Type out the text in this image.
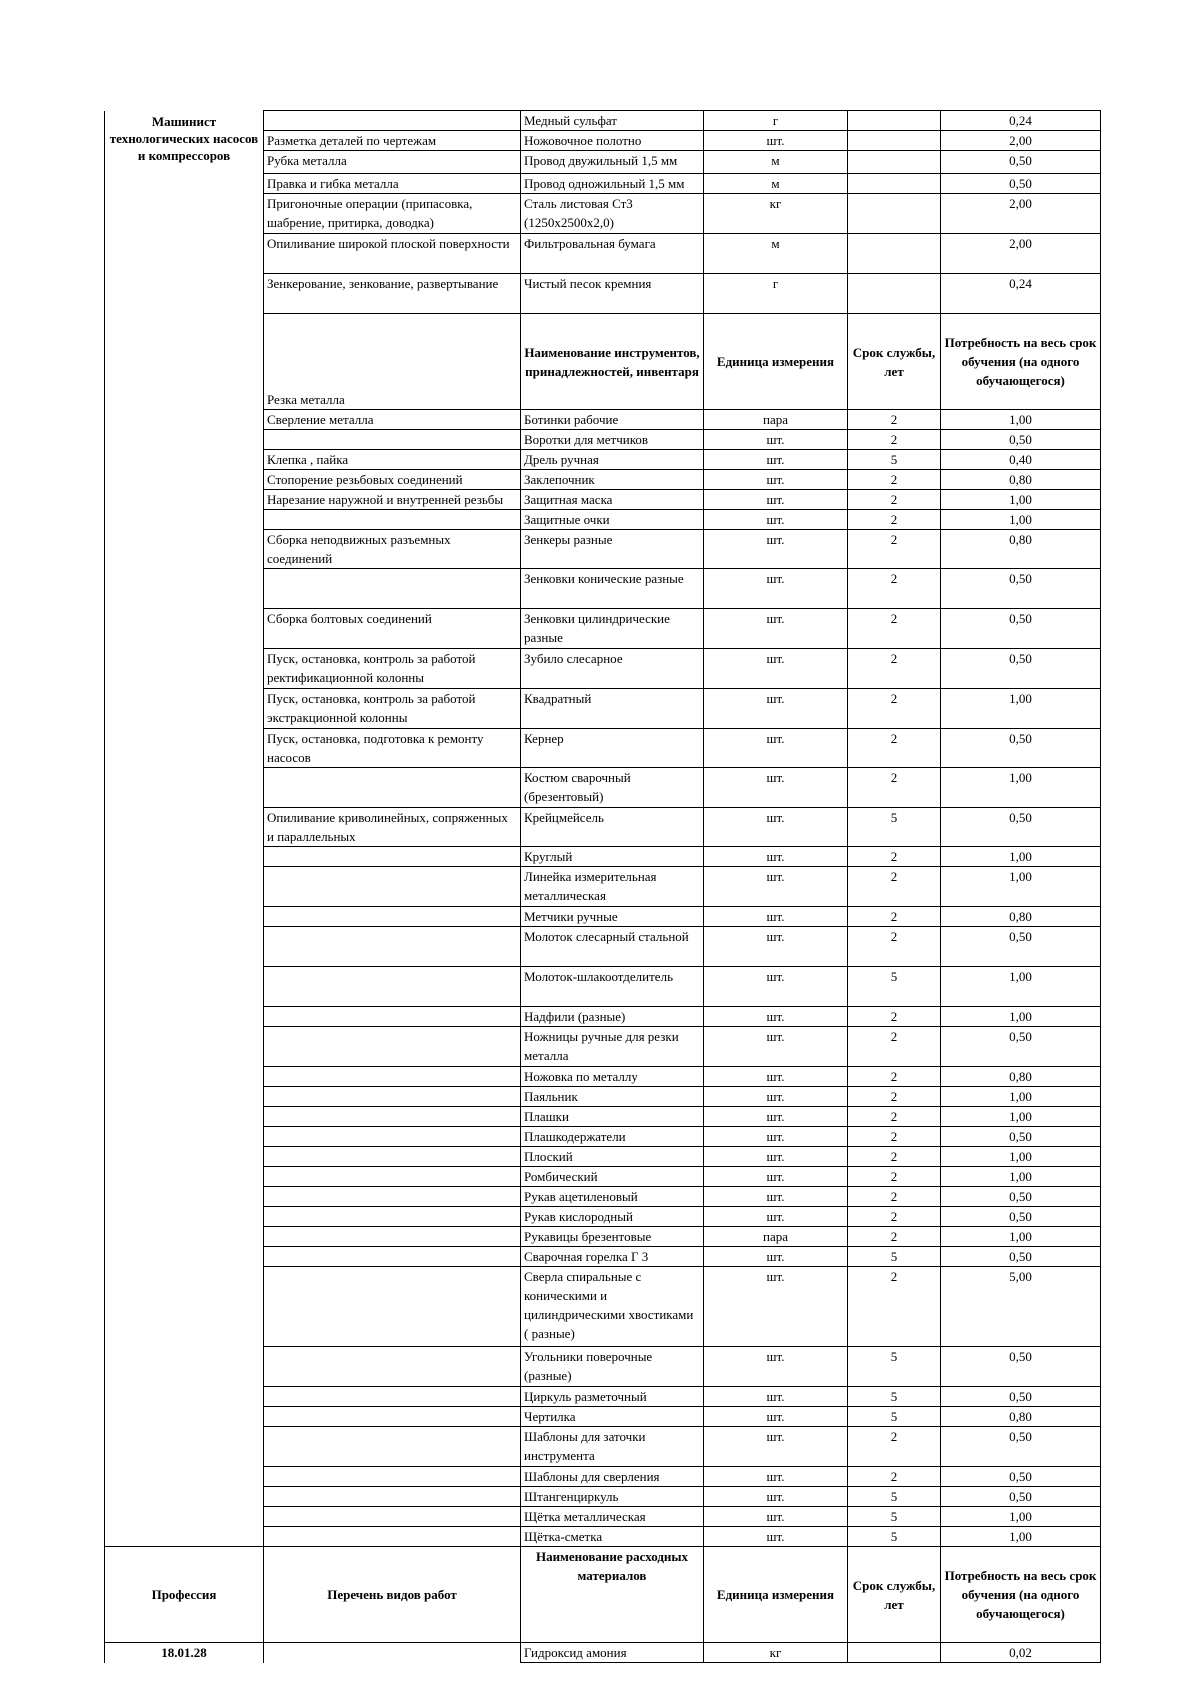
Машинист технологических насосов и компрессоров		Медный сульфат	г		0,24
	Разметка деталей по чертежам	Ножовочное полотно	шт.		2,00
	Рубка металла	Провод двужильный 1,5 мм	м		0,50
	Правка и гибка металла	Провод одножильный 1,5 мм	м		0,50
	Пригоночные операции (припасовка, шабрение, притирка, доводка)	Сталь листовая Ст3 (1250х2500х2,0)	кг		2,00
	Опиливание широкой плоской поверхности	Фильтровальная бумага	м		2,00
	Зенкерование, зенкование, развертывание	Чистый песок кремния	г		0,24
	Резка металла	Наименование инструментов, принадлежностей, инвентаря	Единица измерения	Срок службы, лет	Потребность на весь срок обучения (на одного обучающегося)
	Сверление металла	Ботинки рабочие	пара	2	1,00
		Воротки для метчиков	шт.	2	0,50
	Клепка , пайка	Дрель ручная	шт.	5	0,40
	Стопорение резьбовых соединений	Заклепочник	шт.	2	0,80
	Нарезание наружной и внутренней резьбы	Защитная маска	шт.	2	1,00
		Защитные очки	шт.	2	1,00
	Сборка неподвижных разъемных соединений	Зенкеры разные	шт.	2	0,80
		Зенковки конические разные	шт.	2	0,50
	Сборка болтовых соединений	Зенковки цилиндрические разные	шт.	2	0,50
	Пуск, остановка, контроль за работой ректификационной колонны	Зубило слесарное	шт.	2	0,50
	Пуск, остановка, контроль за работой экстракционной колонны	Квадратный	шт.	2	1,00
	Пуск, остановка, подготовка к ремонту насосов	Кернер	шт.	2	0,50
		Костюм сварочный (брезентовый)	шт.	2	1,00
	Опиливание криволинейных, сопряженных и параллельных	Крейцмейсель	шт.	5	0,50
		Круглый	шт.	2	1,00
		Линейка измерительная металлическая	шт.	2	1,00
		Метчики ручные	шт.	2	0,80
		Молоток слесарный стальной	шт.	2	0,50
		Молоток-шлакоотделитель	шт.	5	1,00
		Надфили (разные)	шт.	2	1,00
		Ножницы ручные для резки металла	шт.	2	0,50
		Ножовка по металлу	шт.	2	0,80
		Паяльник	шт.	2	1,00
		Плашки	шт.	2	1,00
		Плашкодержатели	шт.	2	0,50
		Плоский	шт.	2	1,00
		Ромбический	шт.	2	1,00
		Рукав ацетиленовый	шт.	2	0,50
		Рукав кислородный	шт.	2	0,50
		Рукавицы брезентовые	пара	2	1,00
		Сварочная горелка Г 3	шт.	5	0,50
		Сверла спиральные с коническими и цилиндрическими хвостиками ( разные)	шт.	2	5,00
		Угольники поверочные (разные)	шт.	5	0,50
		Циркуль разметочный	шт.	5	0,50
		Чертилка	шт.	5	0,80
		Шаблоны для заточки инструмента	шт.	2	0,50
		Шаблоны для сверления	шт.	2	0,50
		Штангенциркуль	шт.	5	0,50
		Щётка металлическая	шт.	5	1,00
		Щётка-сметка	шт.	5	1,00
Профессия	Перечень видов работ	Наименование расходных материалов	Единица измерения	Срок службы, лет	Потребность на весь срок обучения (на одного обучающегося)
18.01.28		Гидроксид амония	кг		0,02
